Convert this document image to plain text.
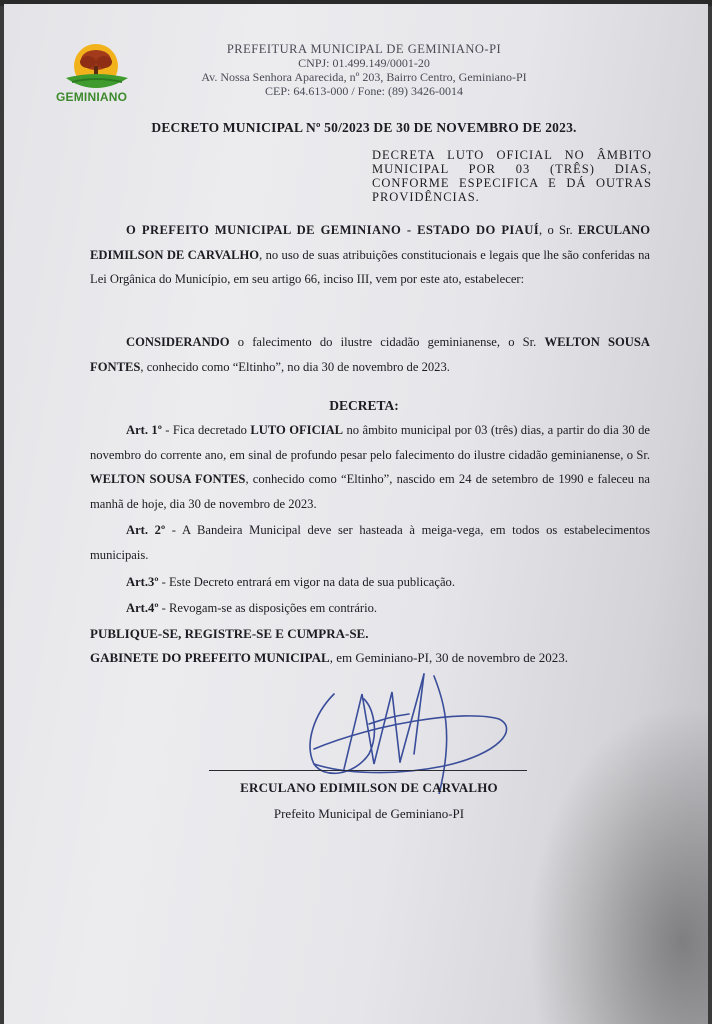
GEMINIANO
PREFEITURA MUNICIPAL DE GEMINIANO-PI
CNPJ: 01.499.149/0001-20
Av. Nossa Senhora Aparecida, nº 203, Bairro Centro, Geminiano-PI
CEP: 64.613-000 / Fone: (89) 3426-0014
DECRETO MUNICIPAL Nº 50/2023 DE 30 DE NOVEMBRO DE 2023.
DECRETA LUTO OFICIAL NO ÂMBITO MUNICIPAL POR 03 (TRÊS) DIAS, CONFORME ESPECIFICA E DÁ OUTRAS PROVIDÊNCIAS.
O PREFEITO MUNICIPAL DE GEMINIANO - ESTADO DO PIAUÍ, o Sr. ERCULANO EDIMILSON DE CARVALHO, no uso de suas atribuições constitucionais e legais que lhe são conferidas na Lei Orgânica do Município, em seu artigo 66, inciso III, vem por este ato, estabelecer:
CONSIDERANDO o falecimento do ilustre cidadão geminianense, o Sr. WELTON SOUSA FONTES, conhecido como “Eltinho”, no dia 30 de novembro de 2023.
DECRETA:
Art. 1º - Fica decretado LUTO OFICIAL no âmbito municipal por 03 (três) dias, a partir do dia 30 de novembro do corrente ano, em sinal de profundo pesar pelo falecimento do ilustre cidadão geminianense, o Sr. WELTON SOUSA FONTES, conhecido como “Eltinho”, nascido em 24 de setembro de 1990 e faleceu na manhã de hoje, dia 30 de novembro de 2023.
Art. 2º - A Bandeira Municipal deve ser hasteada à meiga-vega, em todos os estabelecimentos municipais.
Art.3º - Este Decreto entrará em vigor na data de sua publicação.
Art.4º - Revogam-se as disposições em contrário.
PUBLIQUE-SE, REGISTRE-SE E CUMPRA-SE.
GABINETE DO PREFEITO MUNICIPAL, em Geminiano-PI, 30 de novembro de 2023.
ERCULANO EDIMILSON DE CARVALHO
Prefeito Municipal de Geminiano-PI
